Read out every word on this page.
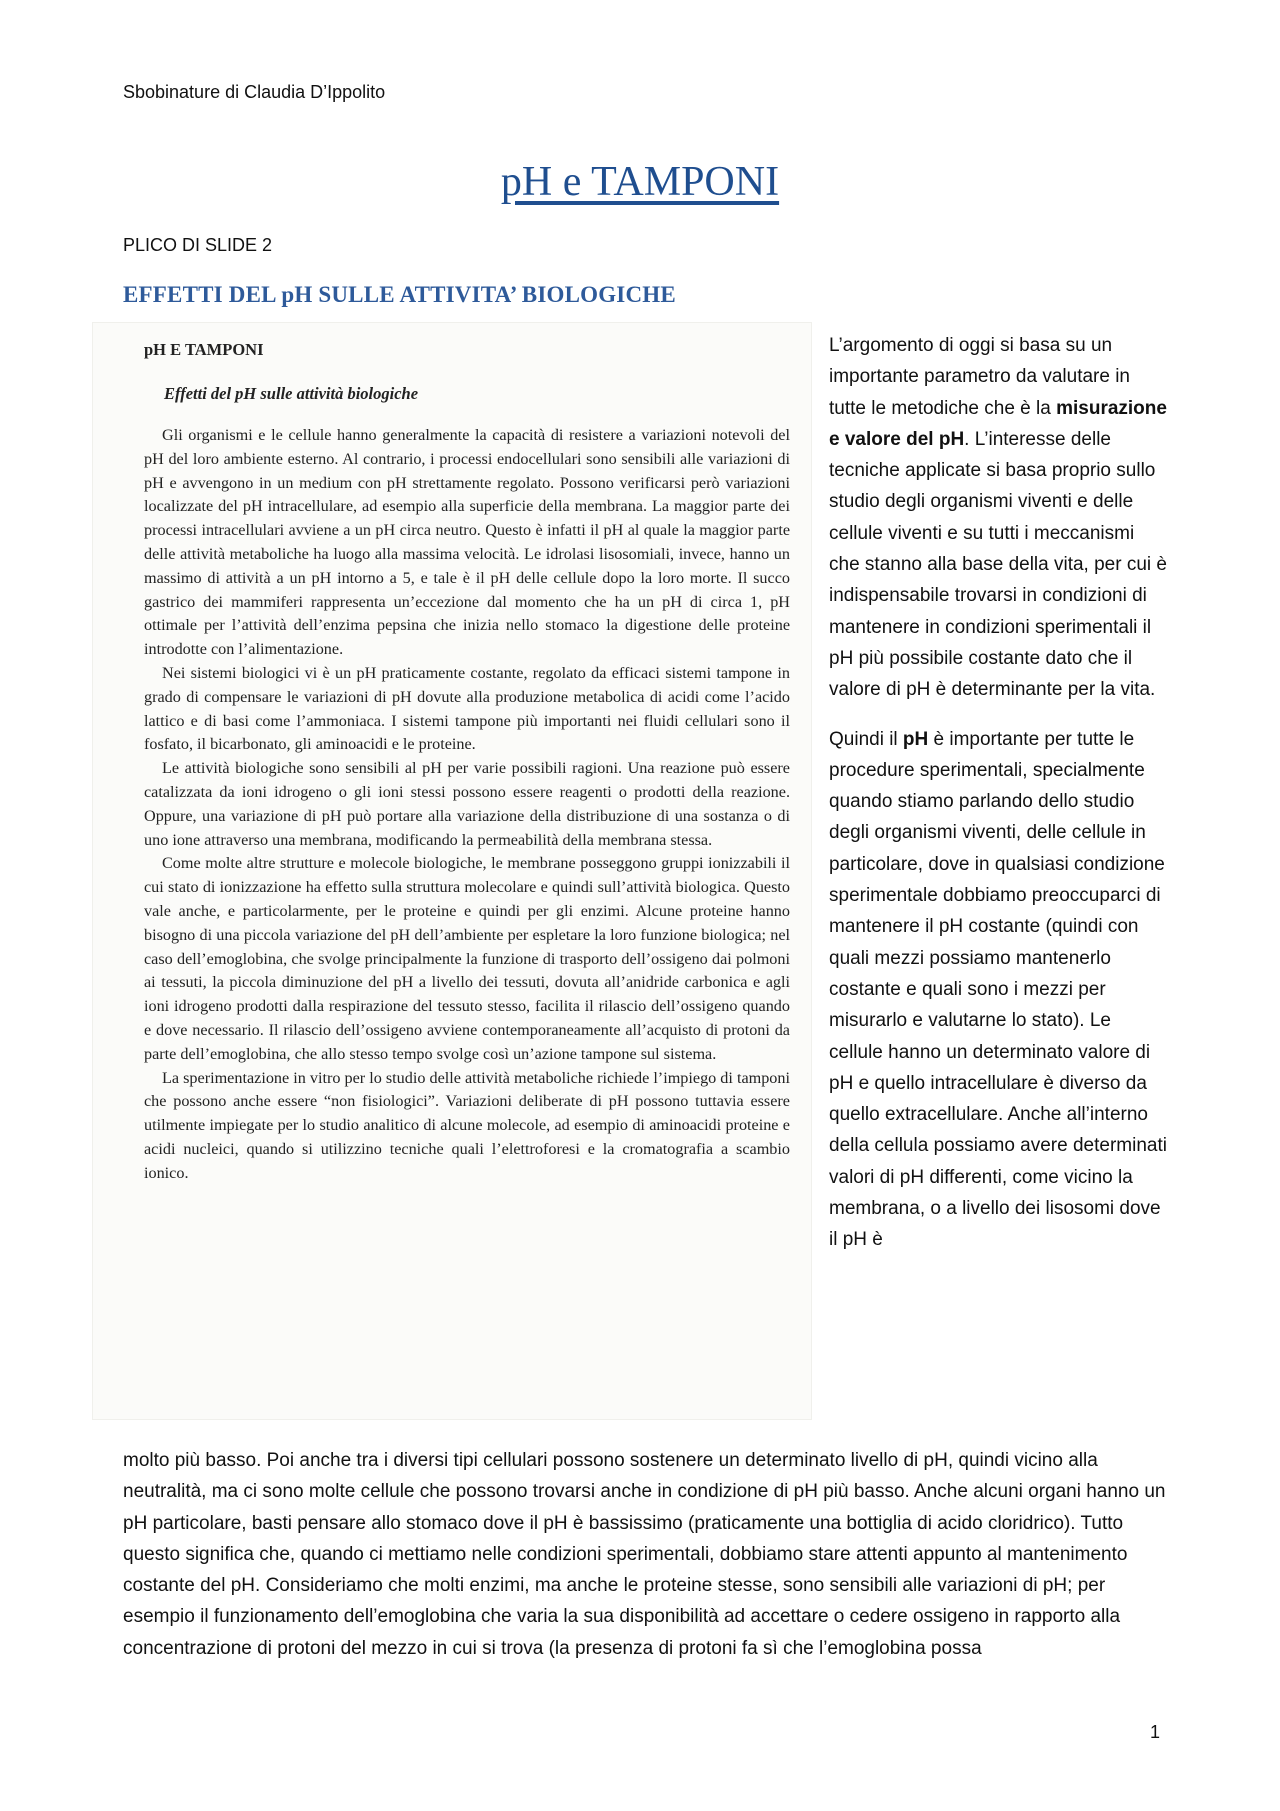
Sbobinature di Claudia D’Ippolito
pH e TAMPONI
PLICO DI SLIDE 2
EFFETTI DEL pH SULLE ATTIVITA’ BIOLOGICHE
pH E TAMPONI
Effetti del pH sulle attività biologiche

Gli organismi e le cellule hanno generalmente la capacità di resistere a variazioni notevoli del pH del loro ambiente esterno. Al contrario, i processi endocellulari sono sensibili alle variazioni di pH e avvengono in un medium con pH strettamente regolato. Possono verificarsi però variazioni localizzate del pH intracellulare, ad esempio alla superficie della membrana. La maggior parte dei processi intracellulari avviene a un pH circa neutro. Questo è infatti il pH al quale la maggior parte delle attività metaboliche ha luogo alla massima velocità. Le idrolasi lisosomiali, invece, hanno un massimo di attività a un pH intorno a 5, e tale è il pH delle cellule dopo la loro morte. Il succo gastrico dei mammiferi rappresenta un’eccezione dal momento che ha un pH di circa 1, pH ottimale per l’attività dell’enzima pepsina che inizia nello stomaco la digestione delle proteine introdotte con l’alimentazione.

Nei sistemi biologici vi è un pH praticamente costante, regolato da efficaci sistemi tampone in grado di compensare le variazioni di pH dovute alla produzione metabolica di acidi come l’acido lattico e di basi come l’ammoniaca. I sistemi tampone più importanti nei fluidi cellulari sono il fosfato, il bicarbonato, gli aminoacidi e le proteine.

Le attività biologiche sono sensibili al pH per varie possibili ragioni. Una reazione può essere catalizzata da ioni idrogeno o gli ioni stessi possono essere reagenti o prodotti della reazione. Oppure, una variazione di pH può portare alla variazione della distribuzione di una sostanza o di uno ione attraverso una membrana, modificando la permeabilità della membrana stessa.

Come molte altre strutture e molecole biologiche, le membrane posseggono gruppi ionizzabili il cui stato di ionizzazione ha effetto sulla struttura molecolare e quindi sull’attività biologica. Questo vale anche, e particolarmente, per le proteine e quindi per gli enzimi. Alcune proteine hanno bisogno di una piccola variazione del pH dell’ambiente per espletare la loro funzione biologica; nel caso dell’emoglobina, che svolge principalmente la funzione di trasporto dell’ossigeno dai polmoni ai tessuti, la piccola diminuzione del pH a livello dei tessuti, dovuta all’anidride carbonica e agli ioni idrogeno prodotti dalla respirazione del tessuto stesso, facilita il rilascio dell’ossigeno quando e dove necessario. Il rilascio dell’ossigeno avviene contemporaneamente all’acquisto di protoni da parte dell’emoglobina, che allo stesso tempo svolge così un’azione tampone sul sistema.

La sperimentazione in vitro per lo studio delle attività metaboliche richiede l’impiego di tamponi che possono anche essere “non fisiologici”. Variazioni deliberate di pH possono tuttavia essere utilmente impiegate per lo studio analitico di alcune molecole, ad esempio di aminoacidi proteine e acidi nucleici, quando si utilizzino tecniche quali l’elettroforesi e la cromatografia a scambio ionico.

L’argomento di oggi si basa su un importante parametro da valutare in tutte le metodiche che è la misurazione e valore del pH. L’interesse delle tecniche applicate si basa proprio sullo studio degli organismi viventi e delle cellule viventi e su tutti i meccanismi che stanno alla base della vita, per cui è indispensabile trovarsi in condizioni di mantenere in condizioni sperimentali il pH più possibile costante dato che il valore di pH è determinante per la vita.

Quindi il pH è importante per tutte le procedure sperimentali, specialmente quando stiamo parlando dello studio degli organismi viventi, delle cellule in particolare, dove in qualsiasi condizione sperimentale dobbiamo preoccuparci di mantenere il pH costante (quindi con quali mezzi possiamo mantenerlo costante e quali sono i mezzi per misurarlo e valutarne lo stato). Le cellule hanno un determinato valore di pH e quello intracellulare è diverso da quello extracellulare. Anche all’interno della cellula possiamo avere determinati valori di pH differenti, come vicino la membrana, o a livello dei lisosomi dove il pH è

molto più basso. Poi anche tra i diversi tipi cellulari possono sostenere un determinato livello di pH, quindi vicino alla neutralità, ma ci sono molte cellule che possono trovarsi anche in condizione di pH più basso. Anche alcuni organi hanno un pH particolare, basti pensare allo stomaco dove il pH è bassissimo (praticamente una bottiglia di acido cloridrico). Tutto questo significa che, quando ci mettiamo nelle condizioni sperimentali, dobbiamo stare attenti appunto al mantenimento costante del pH. Consideriamo che molti enzimi, ma anche le proteine stesse, sono sensibili alle variazioni di pH; per esempio il funzionamento dell’emoglobina che varia la sua disponibilità ad accettare o cedere ossigeno in rapporto alla concentrazione di protoni del mezzo in cui si trova (la presenza di protoni fa sì che l’emoglobina possa

1
